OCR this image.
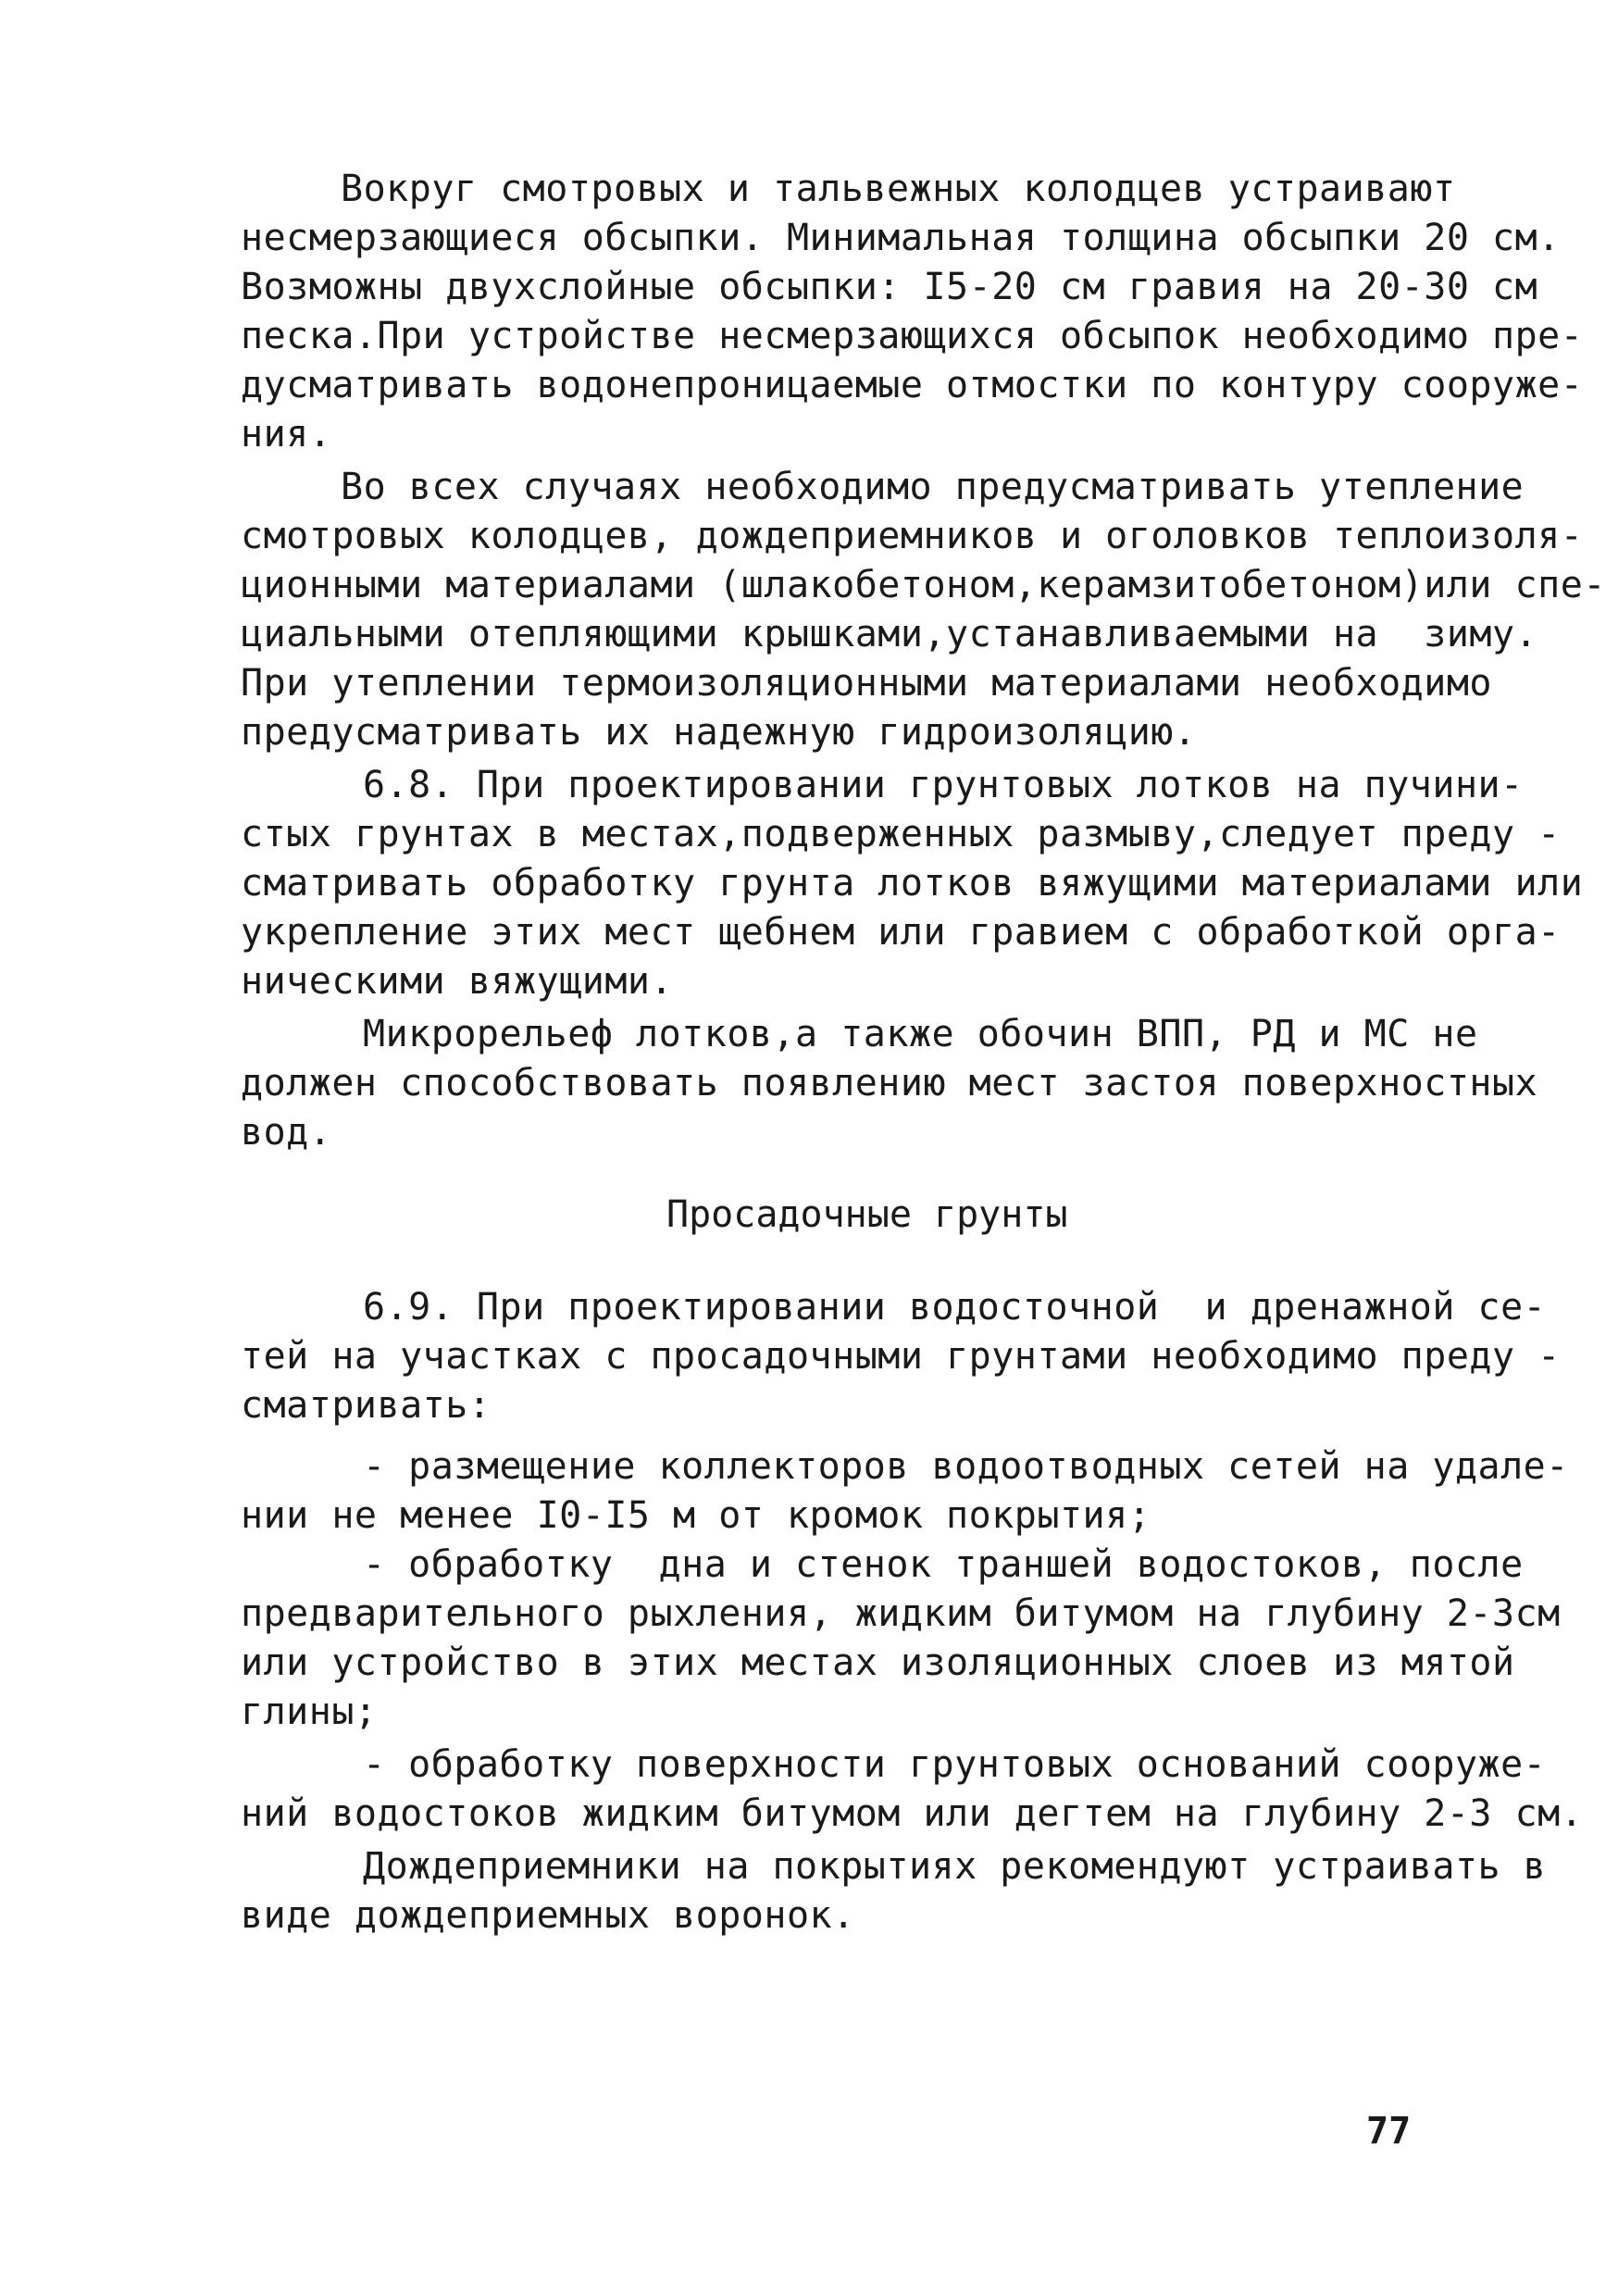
Вокруг смотровых и тальвежных колодцев устраивают
несмерзающиеся обсыпки. Минимальная толщина обсыпки 20 см.
Возможны двухслойные обсыпки: I5-20 см гравия на 20-30 см
песка.При устройстве несмерзающихся обсыпок необходимо пре-
дусматривать водонепроницаемые отмостки по контуру сооруже-
ния.
Во всех случаях необходимо предусматривать утепление
смотровых колодцев, дождеприемников и оголовков теплоизоля-
ционными материалами (шлакобетоном,керамзитобетоном)или спе-
циальными отепляющими крышками,устанавливаемыми на  зиму.
При утеплении термоизоляционными материалами необходимо
предусматривать их надежную гидроизоляцию.
6.8. При проектировании грунтовых лотков на пучини-
стых грунтах в местах,подверженных размыву,следует преду -
сматривать обработку грунта лотков вяжущими материалами или
укрепление этих мест щебнем или гравием с обработкой орга-
ническими вяжущими.
Микрорельеф лотков,а также обочин ВПП, РД и МС не
должен способствовать появлению мест застоя поверхностных
вод.
Просадочные грунты
6.9. При проектировании водосточной  и дренажной се-
тей на участках с просадочными грунтами необходимо преду -
сматривать:
- размещение коллекторов водоотводных сетей на удале-
нии не менее I0-I5 м от кромок покрытия;
- обработку  дна и стенок траншей водостоков, после
предварительного рыхления, жидким битумом на глубину 2-3см
или устройство в этих местах изоляционных слоев из мятой
глины;
- обработку поверхности грунтовых оснований сооруже-
ний водостоков жидким битумом или дегтем на глубину 2-3 см.
Дождеприемники на покрытиях рекомендуют устраивать в
виде дождеприемных воронок.
77
